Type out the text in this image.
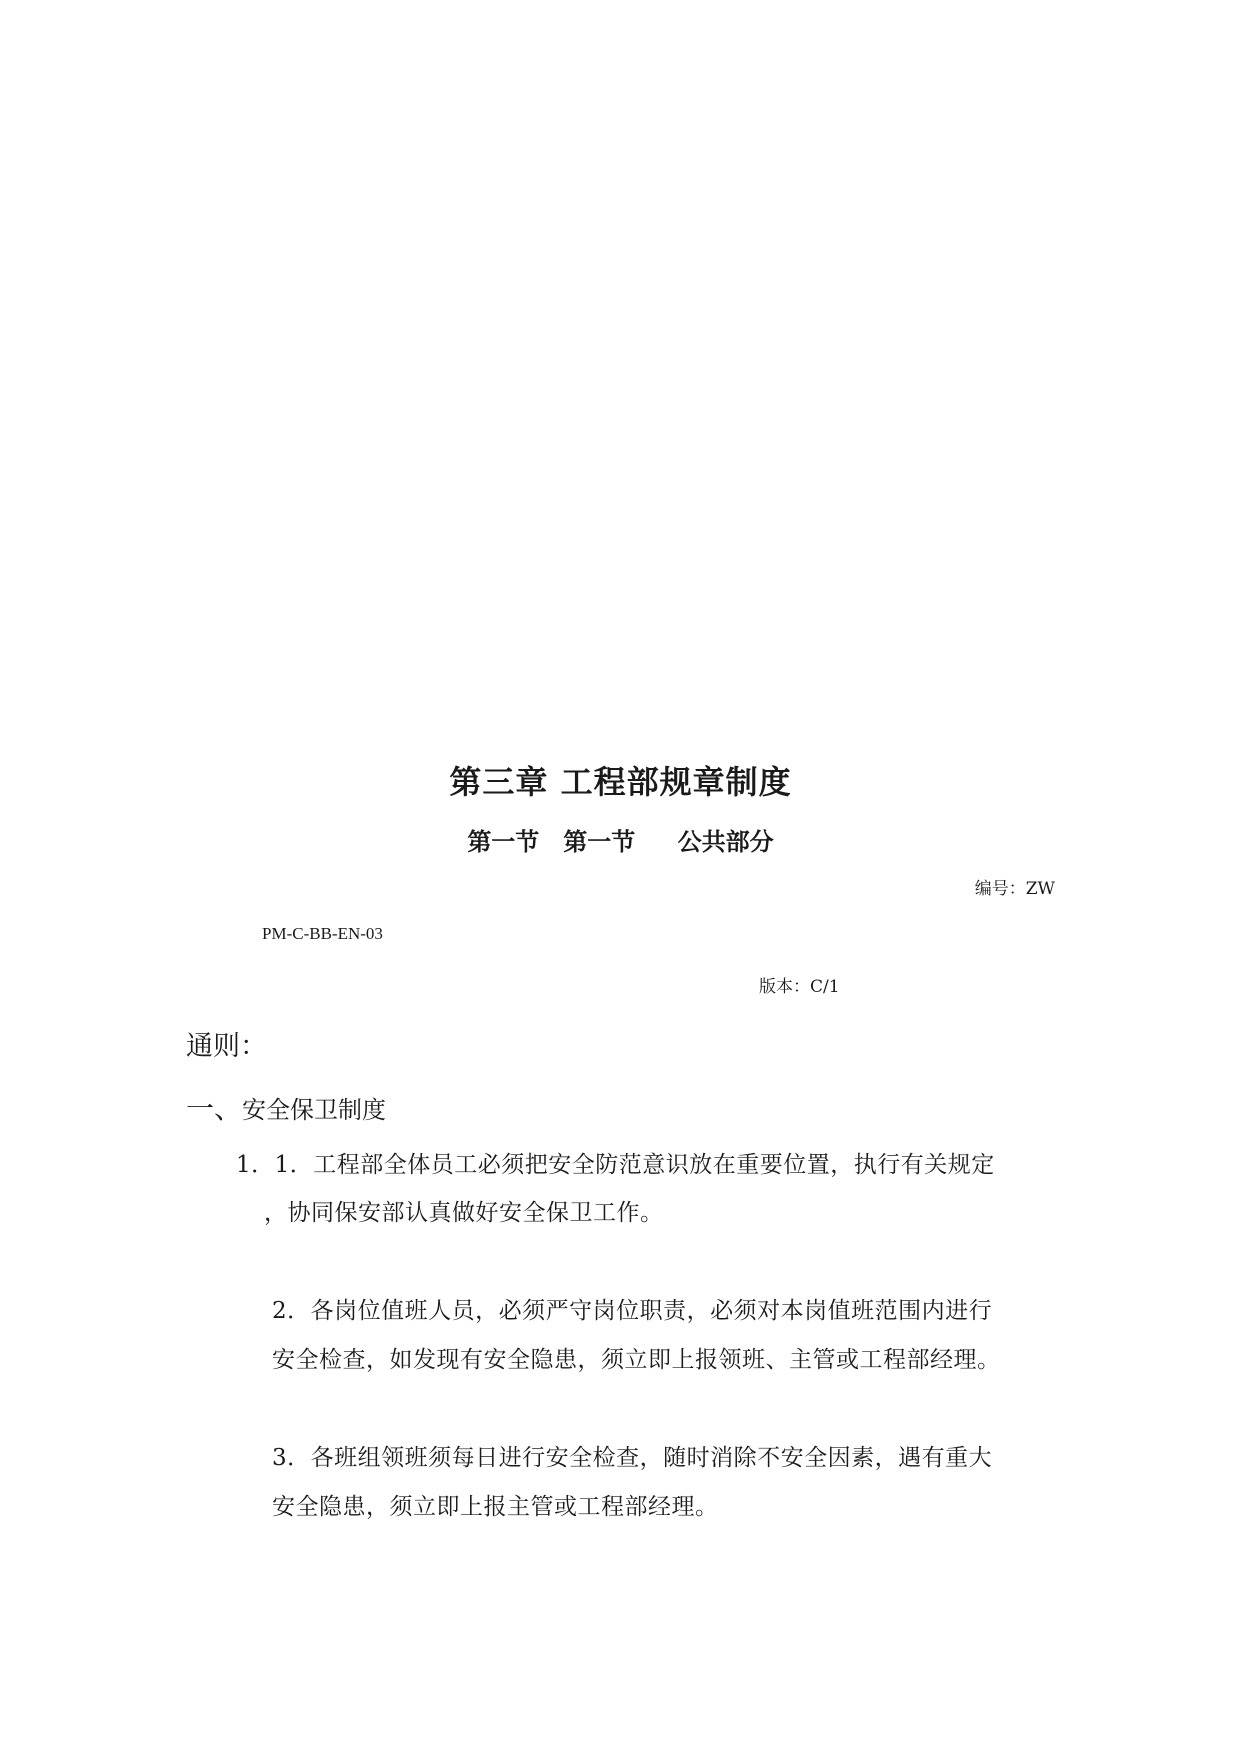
第三章 工程部规章制度
第一节　第一节　 公共部分
编号：ZW
PM-C-BB-EN-03
版本：C/1
通则：
一、安全保卫制度
1．1．工程部全体员工必须把安全防范意识放在重要位置，执行有关规定
，协同保安部认真做好安全保卫工作。
2．各岗位值班人员，必须严守岗位职责，必须对本岗值班范围内进行
安全检查，如发现有安全隐患，须立即上报领班、主管或工程部经理。
3．各班组领班须每日进行安全检查，随时消除不安全因素，遇有重大
安全隐患，须立即上报主管或工程部经理。
